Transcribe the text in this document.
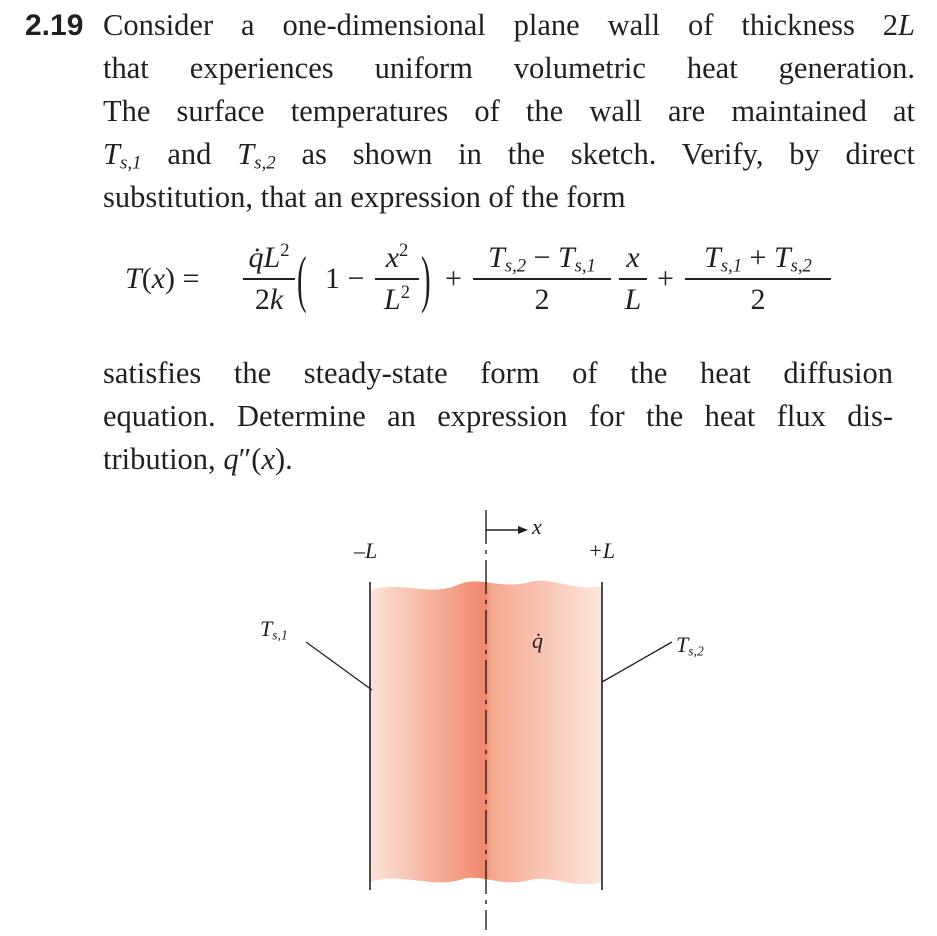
2.19 Consider a one-dimensional plane wall of thickness 2L
that experiences uniform volumetric heat generation.
The surface temperatures of the wall are maintained at
$T_{s,1}$ and $T_{s,2}$ as shown in the sketch. Verify, by direct
substitution, that an expression of the form
T(x) =
$q̇L^2$
2k ( 1 −
$x^2$
$L^2$ ) +
$T_{s,2} - T_{s,1}$
2
x
L
+
$T_{s,1} + T_{s,2}$
2
satisfies the steady-state form of the heat diffusion
equation. Determine an expression for the heat flux dis-
tribution, q″(x).
–L	+L
x
$T_{s,1}$	$T_{s,2}$
q̇
